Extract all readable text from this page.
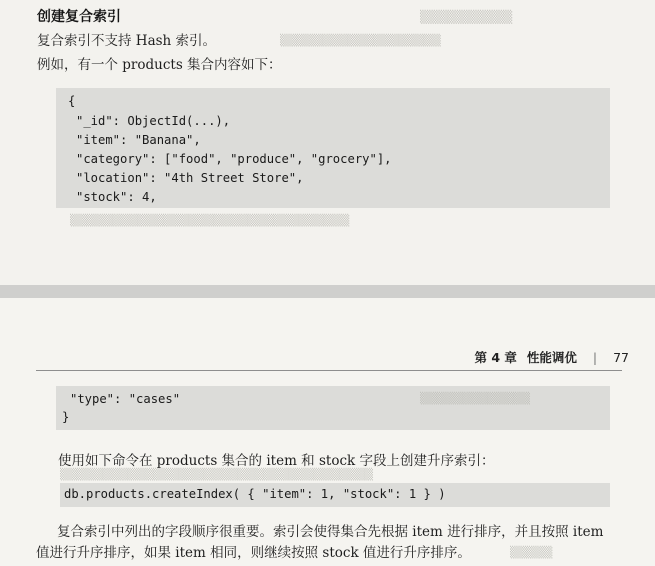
创建复合索引
复合索引不支持 Hash 索引。
例如，有一个 products 集合内容如下：
{
"_id": ObjectId(...),
"item": "Banana",
"category": ["food", "produce", "grocery"],
"location": "4th Street Store",
"stock": 4,
▒▒▒▒▒▒▒▒▒▒
▒▒▒▒▒▒▒▒▒▒▒▒▒▒▒▒▒▒▒
▒▒▒▒▒▒▒▒▒▒▒▒▒▒▒▒▒▒▒▒▒▒▒▒▒▒▒▒▒▒▒▒▒
第 4 章 性能调优 | 77
"type": "cases"
}
使用如下命令在 products 集合的 item 和 stock 字段上创建升序索引：
db.products.createIndex( { "item": 1, "stock": 1 } )
复合索引中列出的字段顺序很重要。索引会使得集合先根据 item 进行排序，并且按照 item
值进行升序排序，如果 item 相同，则继续按照 stock 值进行升序排序。
▒▒▒▒▒▒▒▒▒▒▒▒▒
▒▒▒▒▒▒▒▒▒▒▒▒▒▒▒▒▒▒▒▒▒▒▒▒▒▒▒▒▒▒▒▒▒▒▒▒▒
▒▒▒▒▒
